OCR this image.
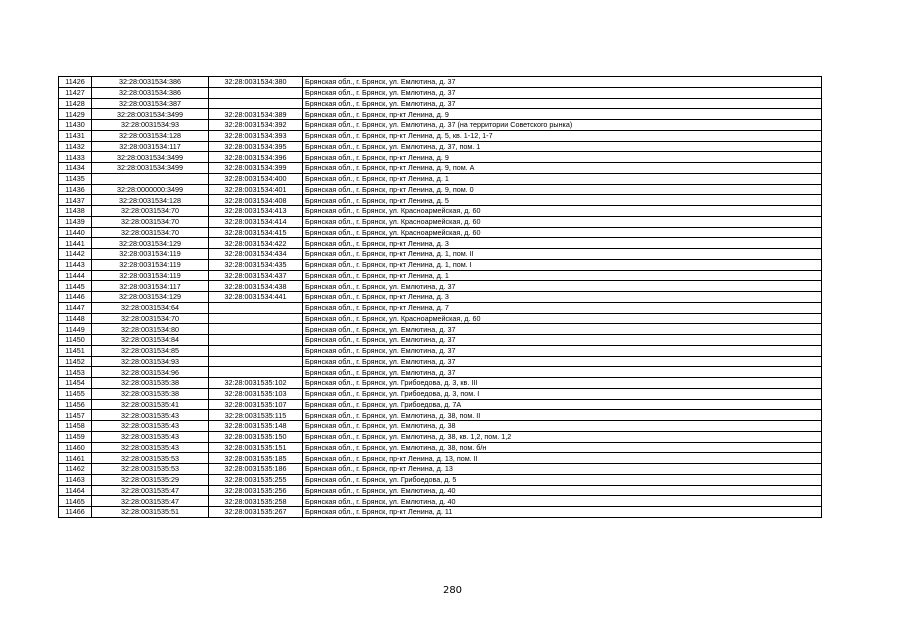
11426	32:28:0031534:386	32:28:0031534:380	Брянская обл., г. Брянск, ул. Емлютина, д. 37
11427	32:28:0031534:386		Брянская обл., г. Брянск, ул. Емлютина, д. 37
11428	32:28:0031534:387		Брянская обл., г. Брянск, ул. Емлютина, д. 37
11429	32:28:0031534:3499	32:28:0031534:389	Брянская обл., г. Брянск, пр-кт Ленина, д. 9
11430	32:28:0031534:93	32:28:0031534:392	Брянская обл., г. Брянск, ул. Емлютина, д. 37 (на территории Советского рынка)
11431	32:28:0031534:128	32:28:0031534:393	Брянская обл., г. Брянск, пр-кт Ленина, д. 5, кв. 1-12, 1-7
11432	32:28:0031534:117	32:28:0031534:395	Брянская обл., г. Брянск, ул. Емлютина, д. 37, пом. 1
11433	32:28:0031534:3499	32:28:0031534:396	Брянская обл., г. Брянск, пр-кт Ленина, д. 9
11434	32:28:0031534:3499	32:28:0031534:399	Брянская обл., г. Брянск, пр-кт Ленина, д. 9, пом. А
11435		32:28:0031534:400	Брянская обл., г. Брянск, пр-кт Ленина, д. 1
11436	32:28:0000000:3499	32:28:0031534:401	Брянская обл., г. Брянск, пр-кт Ленина, д. 9, пом. 0
11437	32:28:0031534:128	32:28:0031534:408	Брянская обл., г. Брянск, пр-кт Ленина, д. 5
11438	32:28:0031534:70	32:28:0031534:413	Брянская обл., г. Брянск, ул. Красноармейская, д. 60
11439	32:28:0031534:70	32:28:0031534:414	Брянская обл., г. Брянск, ул. Красноармейская, д. 60
11440	32:28:0031534:70	32:28:0031534:415	Брянская обл., г. Брянск, ул. Красноармейская, д. 60
11441	32:28:0031534:129	32:28:0031534:422	Брянская обл., г. Брянск, пр-кт Ленина, д. 3
11442	32:28:0031534:119	32:28:0031534:434	Брянская обл., г. Брянск, пр-кт Ленина, д. 1, пом. II
11443	32:28:0031534:119	32:28:0031534:435	Брянская обл., г. Брянск, пр-кт Ленина, д. 1, пом. I
11444	32:28:0031534:119	32:28:0031534:437	Брянская обл., г. Брянск, пр-кт Ленина, д. 1
11445	32:28:0031534:117	32:28:0031534:438	Брянская обл., г. Брянск, ул. Емлютина, д. 37
11446	32:28:0031534:129	32:28:0031534:441	Брянская обл., г. Брянск, пр-кт Ленина, д. 3
11447	32:28:0031534:64		Брянская обл., г. Брянск, пр-кт Ленина, д. 7
11448	32:28:0031534:70		Брянская обл., г. Брянск, ул. Красноармейская, д. 60
11449	32:28:0031534:80		Брянская обл., г. Брянск, ул. Емлютина, д. 37
11450	32:28:0031534:84		Брянская обл., г. Брянск, ул. Емлютина, д. 37
11451	32:28:0031534:85		Брянская обл., г. Брянск, ул. Емлютина, д. 37
11452	32:28:0031534:93		Брянская обл., г. Брянск, ул. Емлютина, д. 37
11453	32:28:0031534:96		Брянская обл., г. Брянск, ул. Емлютина, д. 37
11454	32:28:0031535:38	32:28:0031535:102	Брянская обл., г. Брянск, ул. Грибоедова, д. 3, кв. III
11455	32:28:0031535:38	32:28:0031535:103	Брянская обл., г. Брянск, ул. Грибоедова, д. 3, пом. I
11456	32:28:0031535:41	32:28:0031535:107	Брянская обл., г. Брянск, ул. Грибоедова, д. 7А
11457	32:28:0031535:43	32:28:0031535:115	Брянская обл., г. Брянск, ул. Емлютина, д. 38, пом. II
11458	32:28:0031535:43	32:28:0031535:148	Брянская обл., г. Брянск, ул. Емлютина, д. 38
11459	32:28:0031535:43	32:28:0031535:150	Брянская обл., г. Брянск, ул. Емлютина, д. 38, кв. 1,2, пом. 1,2
11460	32:28:0031535:43	32:28:0031535:151	Брянская обл., г. Брянск, ул. Емлютина, д. 38, пом. б/н
11461	32:28:0031535:53	32:28:0031535:185	Брянская обл., г. Брянск, пр-кт Ленина, д. 13, пом. II
11462	32:28:0031535:53	32:28:0031535:186	Брянская обл., г. Брянск, пр-кт Ленина, д. 13
11463	32:28:0031535:29	32:28:0031535:255	Брянская обл., г. Брянск, ул. Грибоедова, д. 5
11464	32:28:0031535:47	32:28:0031535:256	Брянская обл., г. Брянск, ул. Емлютина, д. 40
11465	32:28:0031535:47	32:28:0031535:258	Брянская обл., г. Брянск, ул. Емлютина, д. 40
11466	32:28:0031535:51	32:28:0031535:267	Брянская обл., г. Брянск, пр-кт Ленина, д. 11
280
